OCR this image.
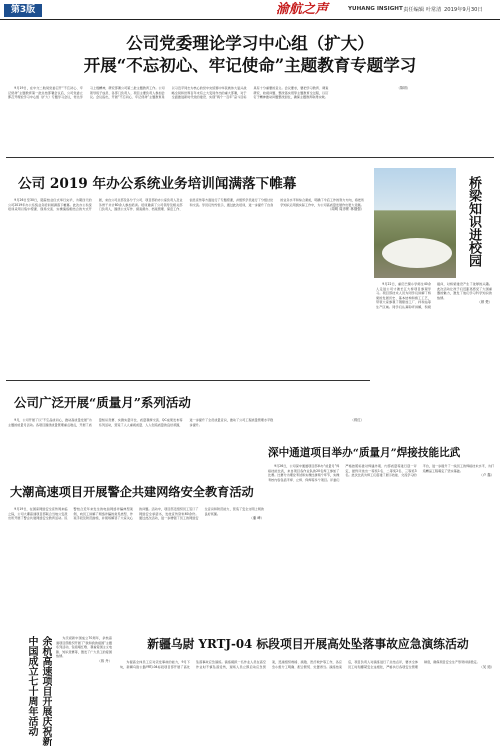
第3版	渝航之声	YUHANG INSIGHT
· 责任编辑 叶常清 2019年9月30日
公司党委理论学习中心组（扩大）
开展“不忘初心、牢记使命”主题教育专题学习

9月19日，在中交二航局党委召开“不忘初心、牢记使命”主题教育第一批总结部署会议后，公司党委立即召开理论学习中心组（扩大）专题学习会议，传达学习上级精神，研究部署公司第二批主题教育工作。公司领导班子成员、各部门负责人、项目主要负责人参加会议。会议指出，开展“不忘初心、牢记使命”主题教育是以习近平同志为核心的党中央统筹中华民族伟大复兴战略全局和世界百年未有之大变局作出的重大部署，对于全面推进新时代党的建设、实现“两个一百年”奋斗目标具有十分重要的意义。会议要求，要把学习教育、调查研究、检视问题、整改落实贯穿主题教育全过程，以钉钉子精神推动问题整改到位，确保主题教育取得实效。

（陈明）
公司 2019 年办公系统业务培训闻满落下帷幕

9月26日至30日，随着结业仪式举行完毕，为期四天的公司2019年办公系统业务培训闻满落下帷幕。此次办公系统培训采用以集中授课、现场交流、实操演练相结合的方式开展，来自公司总部及各分子公司、项目部的办公室负责人及业务骨干共计80余人参加培训。培训邀请了公司领导及相关部门负责人，围绕公文写作、督查督办、档案管理、保密工作、信息宣传等方面进行了专题授课，并组织学员进行了分组讨论和交流。学员们纷纷表示，通过此次培训，进一步提升了自身的业务水平和综合素质，明确了今后工作的努力方向，将把所学知识运用到实际工作中，为公司高质量发展作出更大贡献。

（周明 周彦彬 林继强）	桥梁知识进校园

9月22日，重庆巴蜀小学师生40余人走进公司寸滩长江大桥项目参观学习。项目部技术人员为同学们讲解了桥梁的发展历史、基本结构和施工工艺，带领大家参观了钢筋加工厂、拌和站等生产区域。同学们认真聆听讲解，积极提问，对桥梁建设产生了浓厚的兴趣。此次活动让孩子们近距离感受了大国重器的魅力，激发了他们学习科学知识的热情。

（颜 楚）
公司广泛开展“质量月”系列活动

9月，公司开展了以“不忘品质初心，推动高质量发展”为主题的质量月活动。各项目围绕质量管理重点难点，开展了质量知识竞赛、实测实量评比、质量观摩交流、QC成果发布等系列活动，营造了人人重视质量、人人创造质量的良好氛围，进一步提升了全员质量意识，推动了公司工程质量管理水平稳步提升。

（蒋红）
深中通道项目举办“质量月”焊接技能比武

9月26日，公司深中通道项目部举办“质量月”焊接技能比武，来自项目各作业队的20名焊工参加了比赛。比赛分为理论考试和实操比拼两个环节，实操考核内容包括平焊、立焊、仰焊等多个项目。评委们严格按照标准对焊缝外观、内部质量等进行逐一评定，最终评选出一等奖1名、二等奖2名、三等奖3名。此次比武为焊工们搭建了展示技能、交流学习的平台，进一步提升了一线员工的焊接技术水平，为打造精品工程奠定了坚实基础。

（卢 鑫）
大潮高速项目开展警企共建网络安全教育活动

9月19日，在国家网络安全宣传周来临之际，公司大潮高速项目部联合当地公安派出所开展了警企共建网络安全教育活动。民警结合近年来发生的电信网络诈骗典型案例，向员工讲解了网络诈骗的常见类型、作案手段及防范措施，并现场解答了大家关心的问题。活动中，项目部还组织员工签订了网络安全承诺书，发放宣传资料60余份。通过此次活动，进一步增强了员工的网络安全意识和防范能力，营造了安全文明上网的良好氛围。

（潘 峰）
余杭高速项目开展庆祝新中国成立七十周年活动	为庆祝新中国成立70周年，余杭高速项目部组织开展了“我和我的祖国”主题系列活动，包括唱红歌、观看爱国主义电影、知识竞赛等，激发了广大员工的爱国热情。

（蒋 丹）
新疆乌尉 YRTJ-04 标段项目开展高处坠落事故应急演练活动

为提高全体员工应对突发事故的能力，9月下旬，新疆乌尉公路YRTJ-04标段项目部开展了高处坠落事故应急演练。演练模拟一名作业人员在高空作业时不慎坠落受伤，现场人员立即启动应急预案，迅速组织救援、疏散、医疗救护等工作，各应急小组分工明确、配合默契、处置得当。演练结束后，项目负责人对演练进行了总结点评，要求全体员工时刻绷紧安全这根弦，严格执行各项安全管理制度，确保项目安全生产形势持续稳定。

（吴 迪）
